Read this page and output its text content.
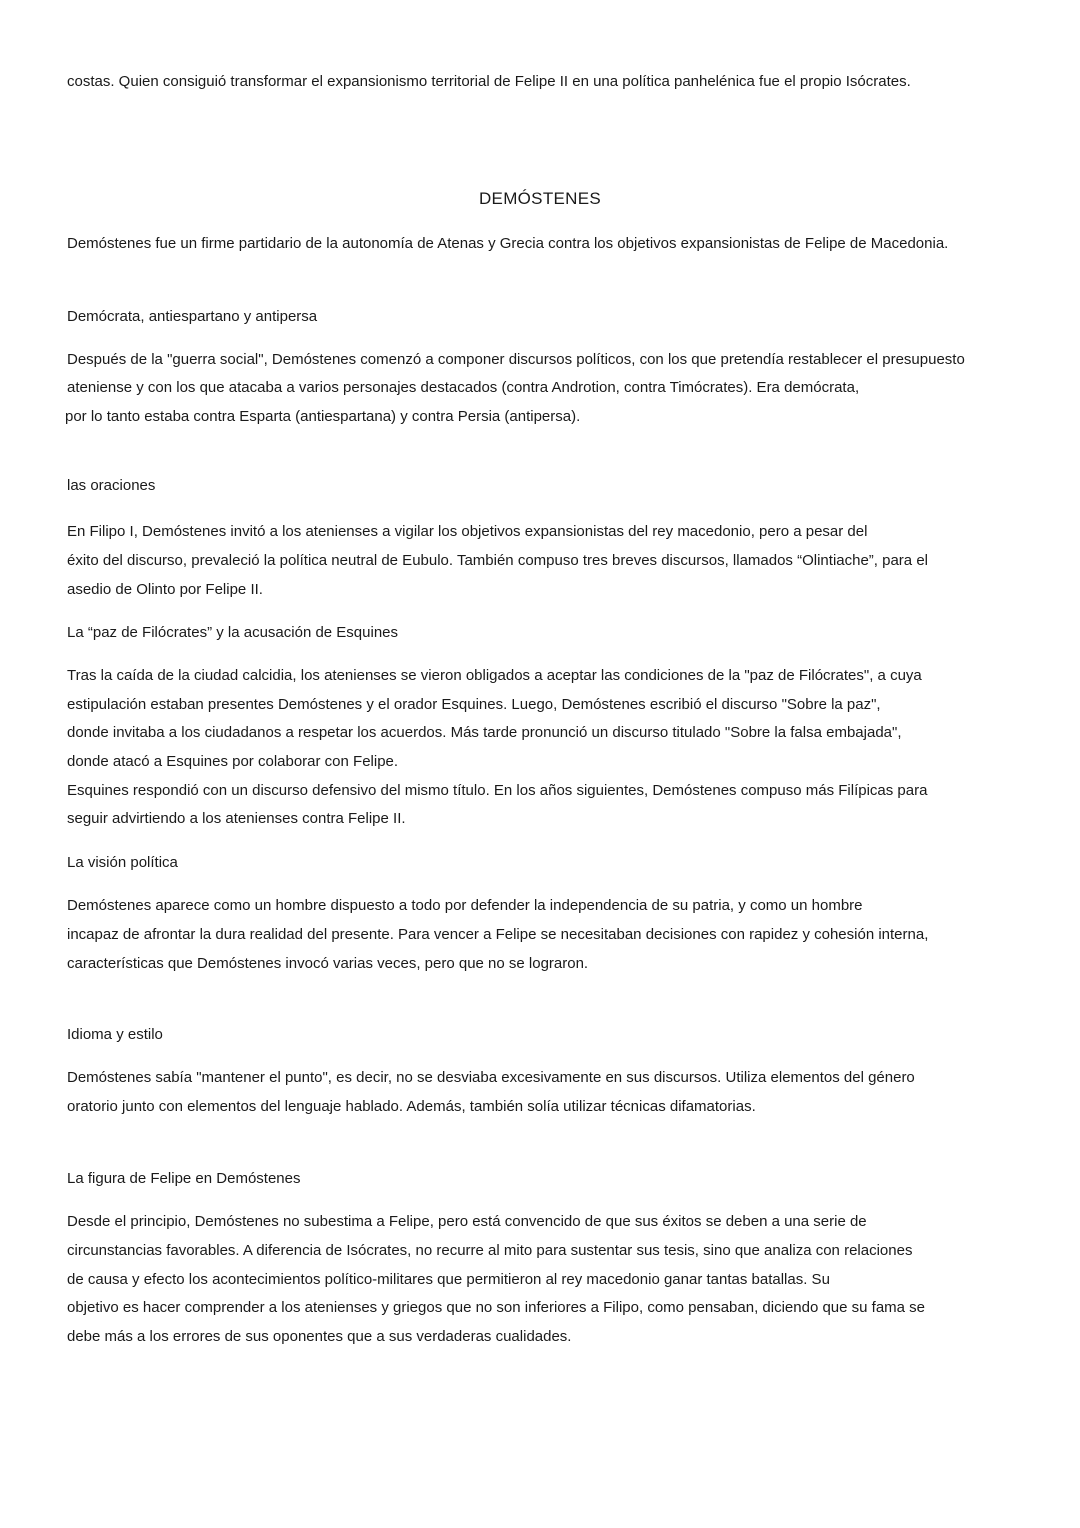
costas. Quien consiguió transformar el expansionismo territorial de Felipe II en una política panhelénica fue el propio Isócrates.

DEMÓSTENES

Demóstenes fue un firme partidario de la autonomía de Atenas y Grecia contra los objetivos expansionistas de Felipe de Macedonia.

Demócrata, antiespartano y antipersa

Después de la "guerra social", Demóstenes comenzó a componer discursos políticos, con los que pretendía restablecer el presupuesto

ateniense y con los que atacaba a varios personajes destacados (contra Androtion, contra Timócrates). Era demócrata,

por lo tanto estaba contra Esparta (antiespartana) y contra Persia (antipersa).

las oraciones

En Filipo I, Demóstenes invitó a los atenienses a vigilar los objetivos expansionistas del rey macedonio, pero a pesar del

éxito del discurso, prevaleció la política neutral de Eubulo. También compuso tres breves discursos, llamados “Olintiache”, para el

asedio de Olinto por Felipe II.

La “paz de Filócrates” y la acusación de Esquines

Tras la caída de la ciudad calcidia, los atenienses se vieron obligados a aceptar las condiciones de la "paz de Filócrates", a cuya

estipulación estaban presentes Demóstenes y el orador Esquines. Luego, Demóstenes escribió el discurso "Sobre la paz",

donde invitaba a los ciudadanos a respetar los acuerdos. Más tarde pronunció un discurso titulado "Sobre la falsa embajada",

donde atacó a Esquines por colaborar con Felipe.

Esquines respondió con un discurso defensivo del mismo título. En los años siguientes, Demóstenes compuso más Filípicas para

seguir advirtiendo a los atenienses contra Felipe II.

La visión política

Demóstenes aparece como un hombre dispuesto a todo por defender la independencia de su patria, y como un hombre

incapaz de afrontar la dura realidad del presente. Para vencer a Felipe se necesitaban decisiones con rapidez y cohesión interna,

características que Demóstenes invocó varias veces, pero que no se lograron.

Idioma y estilo

Demóstenes sabía "mantener el punto", es decir, no se desviaba excesivamente en sus discursos. Utiliza elementos del género

oratorio junto con elementos del lenguaje hablado. Además, también solía utilizar técnicas difamatorias.

La figura de Felipe en Demóstenes

Desde el principio, Demóstenes no subestima a Felipe, pero está convencido de que sus éxitos se deben a una serie de

circunstancias favorables. A diferencia de Isócrates, no recurre al mito para sustentar sus tesis, sino que analiza con relaciones

de causa y efecto los acontecimientos político-militares que permitieron al rey macedonio ganar tantas batallas. Su

objetivo es hacer comprender a los atenienses y griegos que no son inferiores a Filipo, como pensaban, diciendo que su fama se

debe más a los errores de sus oponentes que a sus verdaderas cualidades.
